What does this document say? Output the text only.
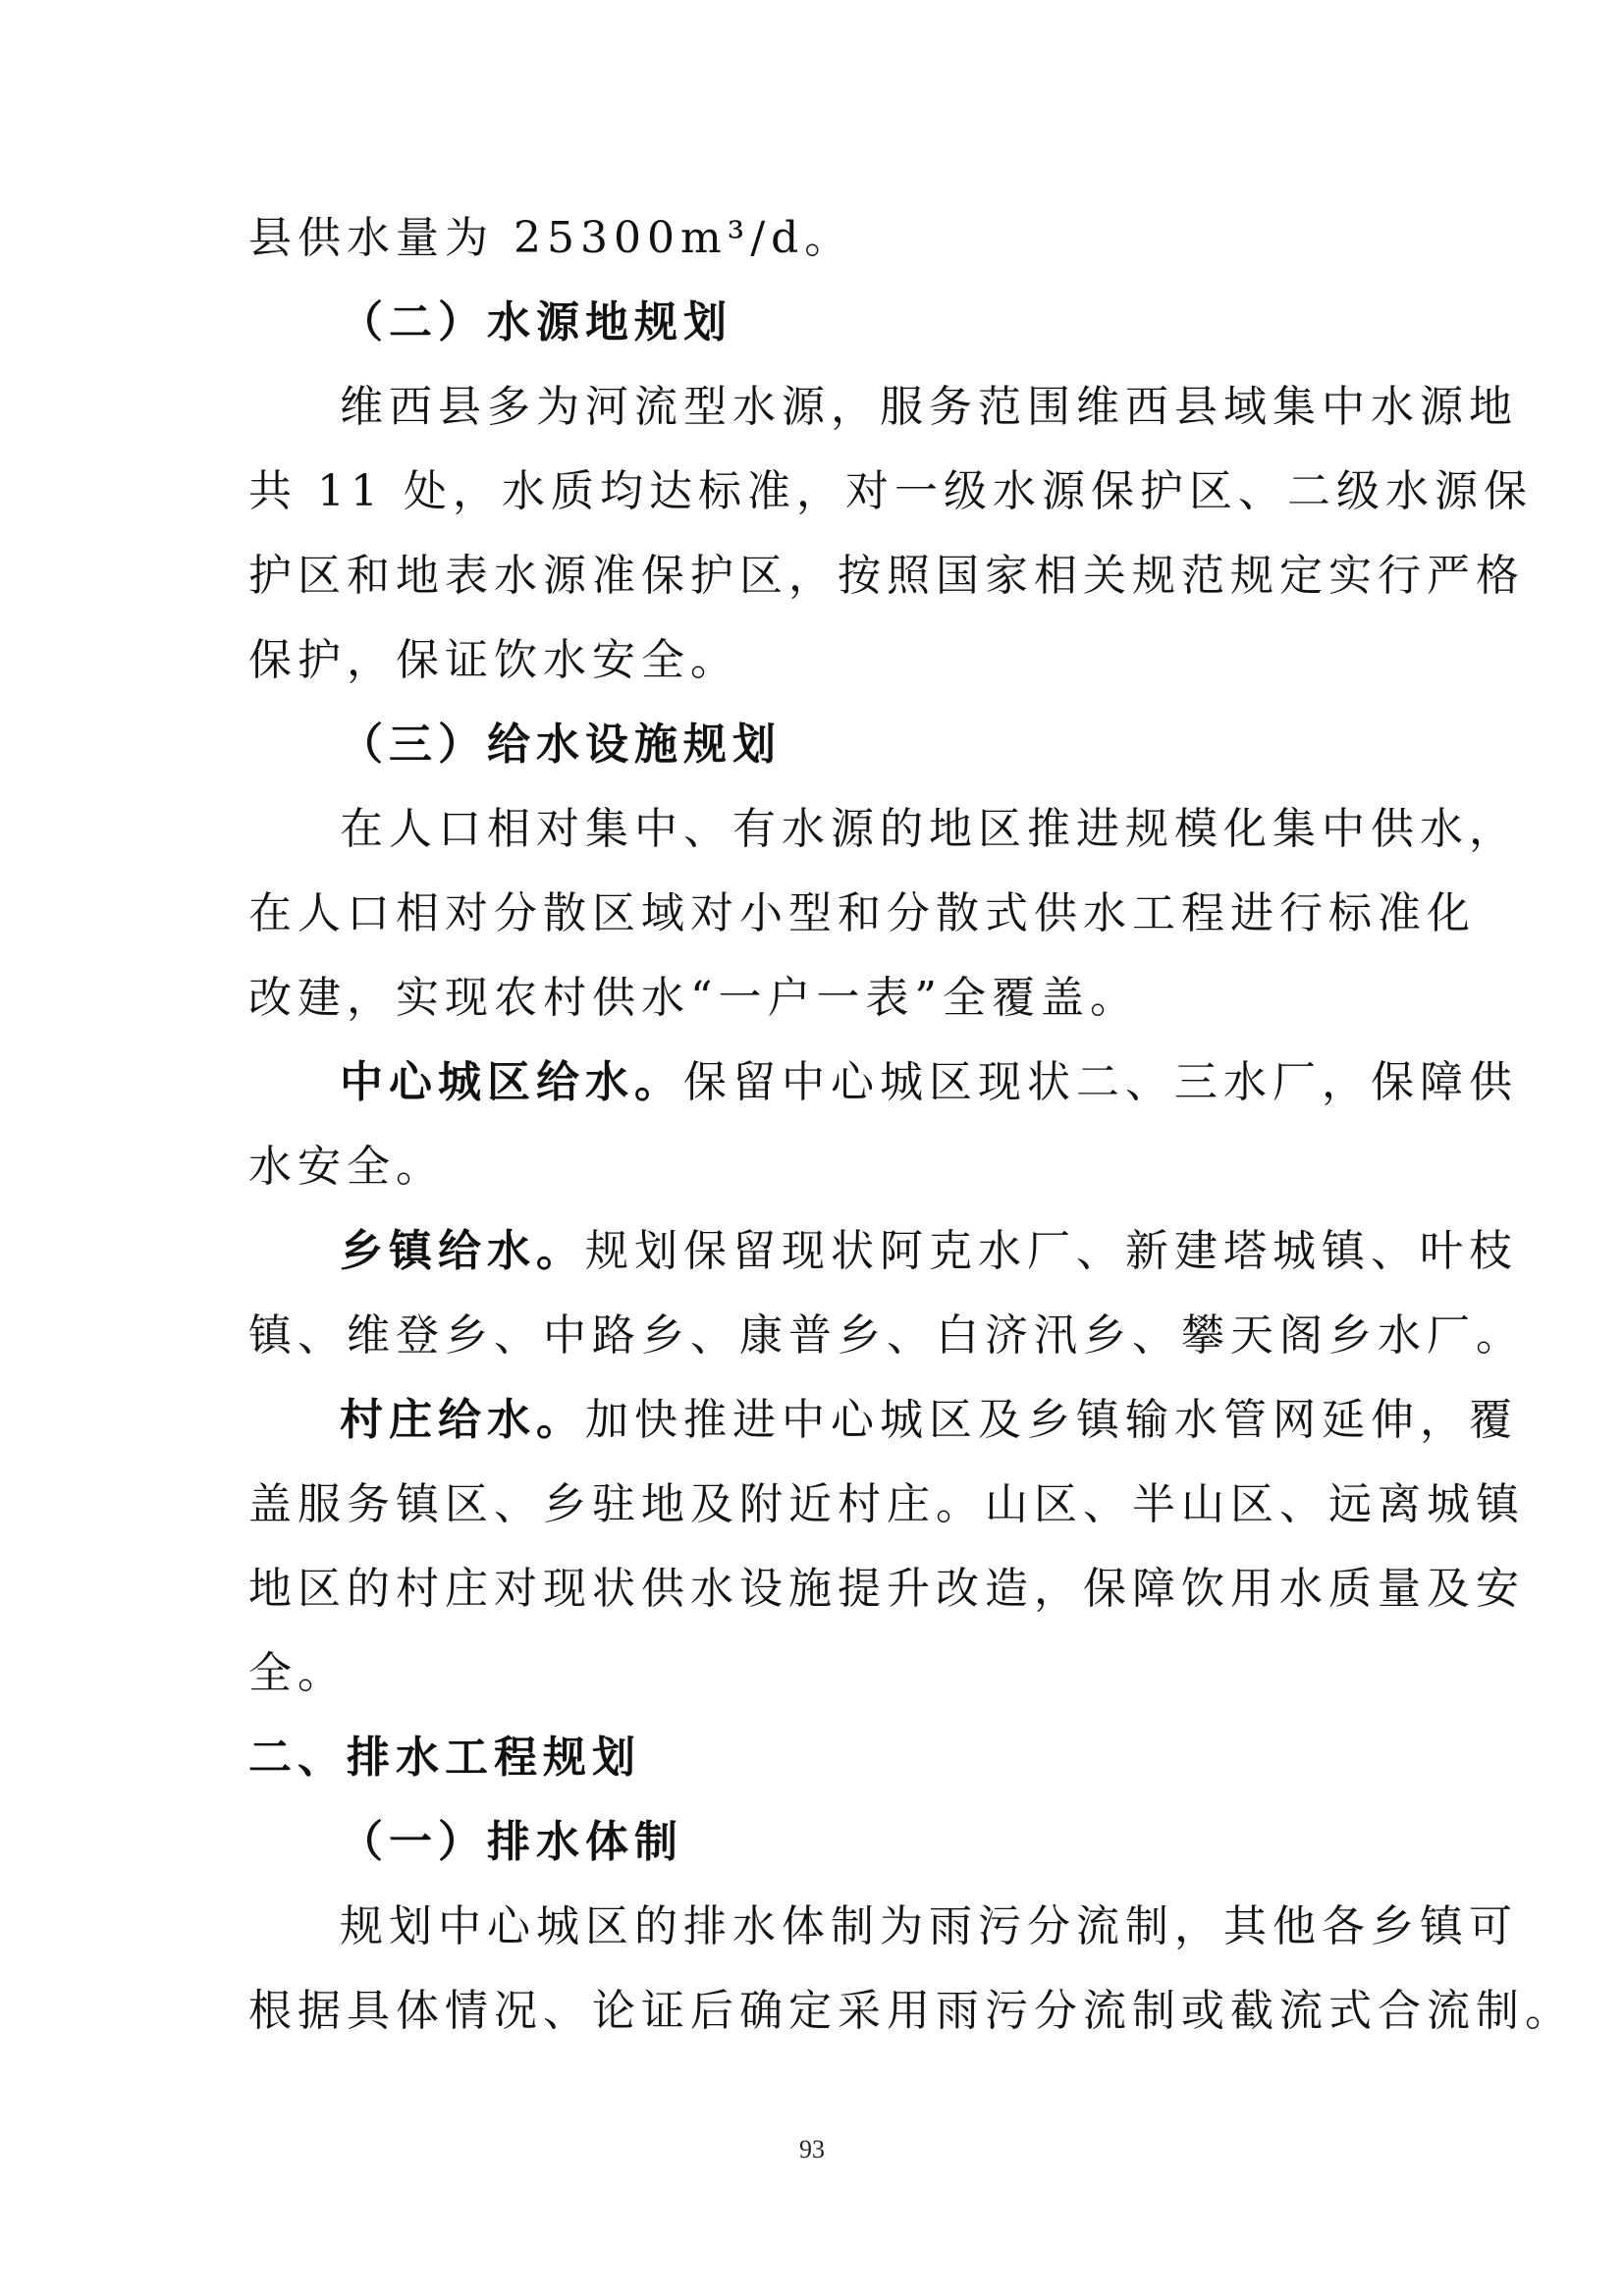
县供水量为 25300m³/d。
（二）水源地规划
维西县多为河流型水源，服务范围维西县域集中水源地
共 11 处，水质均达标准，对一级水源保护区、二级水源保
护区和地表水源准保护区，按照国家相关规范规定实行严格
保护，保证饮水安全。
（三）给水设施规划
在人口相对集中、有水源的地区推进规模化集中供水，
在人口相对分散区域对小型和分散式供水工程进行标准化
改建，实现农村供水“一户一表”全覆盖。
中心城区给水。保留中心城区现状二、三水厂，保障供
水安全。
乡镇给水。规划保留现状阿克水厂、新建塔城镇、叶枝
镇、维登乡、中路乡、康普乡、白济汛乡、攀天阁乡水厂。
村庄给水。加快推进中心城区及乡镇输水管网延伸，覆
盖服务镇区、乡驻地及附近村庄。山区、半山区、远离城镇
地区的村庄对现状供水设施提升改造，保障饮用水质量及安
全。
二、排水工程规划
（一）排水体制
规划中心城区的排水体制为雨污分流制，其他各乡镇可
根据具体情况、论证后确定采用雨污分流制或截流式合流制。
93
